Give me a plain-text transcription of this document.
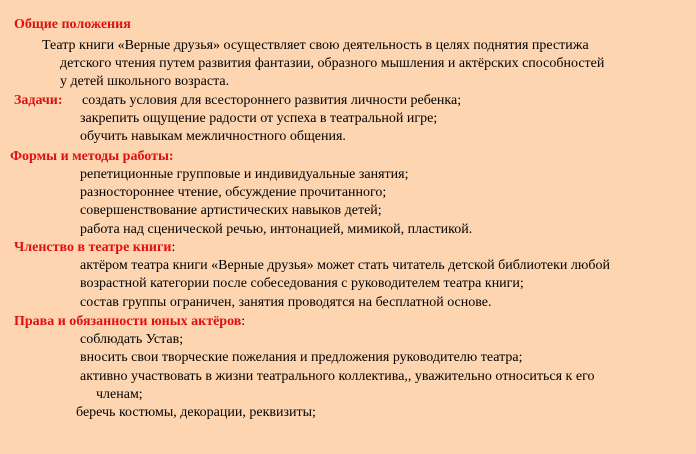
Общие положения
Театр книги «Верные друзья» осуществляет свою деятельность в целях поднятия престижа
детского чтения путем развития фантазии, образного мышления и актёрских способностей
у детей школьного возраста.
Задачи: создать условия для всестороннего развития личности ребенка;
закрепить ощущение радости от успеха в театральной игре;
обучить навыкам межличностного общения.
Формы и методы работы:
репетиционные групповые и индивидуальные занятия;
разностороннее чтение, обсуждение прочитанного;
совершенствование артистических навыков детей;
работа над сценической речью, интонацией, мимикой, пластикой.
Членство в театре книги:
актёром театра книги «Верные друзья» может стать читатель детской библиотеки любой
возрастной категории после собеседования с руководителем театра книги;
состав группы ограничен, занятия проводятся на бесплатной основе.
Права и обязанности юных актёров:
соблюдать Устав;
вносить свои творческие пожелания и предложения руководителю театра;
активно участвовать в жизни театрального коллектива,, уважительно относиться к его
членам;
беречь костюмы, декорации, реквизиты;
